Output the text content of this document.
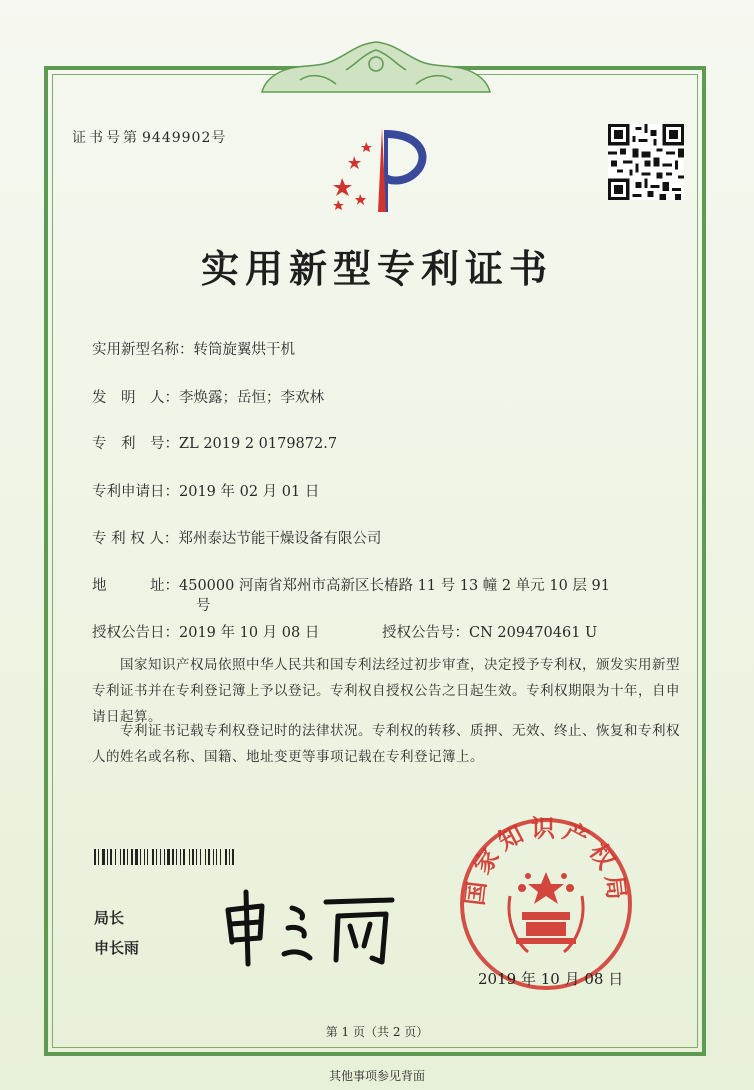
证书号第 9449902号
实用新型专利证书
实用新型名称：转筒旋翼烘干机
发　明　人：李焕露；岳恒；李欢林
专　利　号：ZL 2019 2 0179872.7
专利申请日：2019 年 02 月 01 日
专 利 权 人：郑州泰达节能干燥设备有限公司
地　　　址：450000 河南省郑州市高新区长椿路 11 号 13 幢 2 单元 10 层 91
号
授权公告日：2019 年 10 月 08 日	授权公告号：CN 209470461 U
国家知识产权局依照中华人民共和国专利法经过初步审查，决定授予专利权，颁发实用新型专利证书并在专利登记簿上予以登记。专利权自授权公告之日起生效。专利权期限为十年，自申请日起算。
专利证书记载专利权登记时的法律状况。专利权的转移、质押、无效、终止、恢复和专利权人的姓名或名称、国籍、地址变更等事项记载在专利登记簿上。
局长
申长雨
国家知识产权局
2019 年 10 月 08 日
第 1 页（共 2 页）
其他事项参见背面
